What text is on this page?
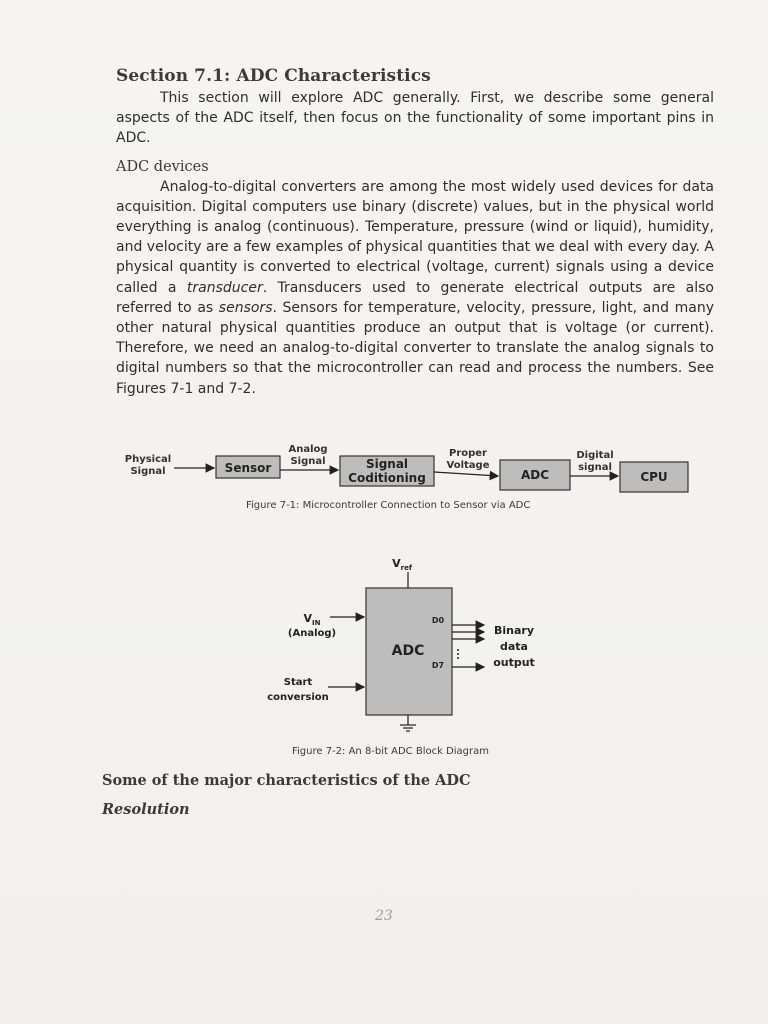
Section 7.1: ADC Characteristics

This section will explore ADC generally. First, we describe some general aspects of the ADC itself, then focus on the functionality of some important pins in ADC.

ADC devices

Analog-to-digital converters are among the most widely used devices for data acquisition. Digital computers use binary (discrete) values, but in the physical world everything is analog (continuous). Temperature, pressure (wind or liquid), humidity, and velocity are a few examples of physical quantities that we deal with every day. A physical quantity is converted to electrical (voltage, current) signals using a device called a transducer. Transducers used to generate electrical outputs are also referred to as sensors. Sensors for temperature, velocity, pressure, light, and many other natural physical quantities produce an output that is voltage (or current). Therefore, we need an analog-to-digital converter to translate the analog signals to digital numbers so that the microcontroller can read and process the numbers. See Figures 7-1 and 7-2.

Physical
Signal	Sensor
Analog
Signal	Signal
Coditioning
Proper
Voltage
ADC
Digital
signal
CPU
Figure 7-1: Microcontroller Connection to Sensor via ADC
$V_{ref}$
ADC
D0
D7
$V_{IN}$
(Analog)
Start
conversion
Binary
data
output
Figure 7-2: An 8-bit ADC Block Diagram
Some of the major characteristics of the ADC
Resolution
23
